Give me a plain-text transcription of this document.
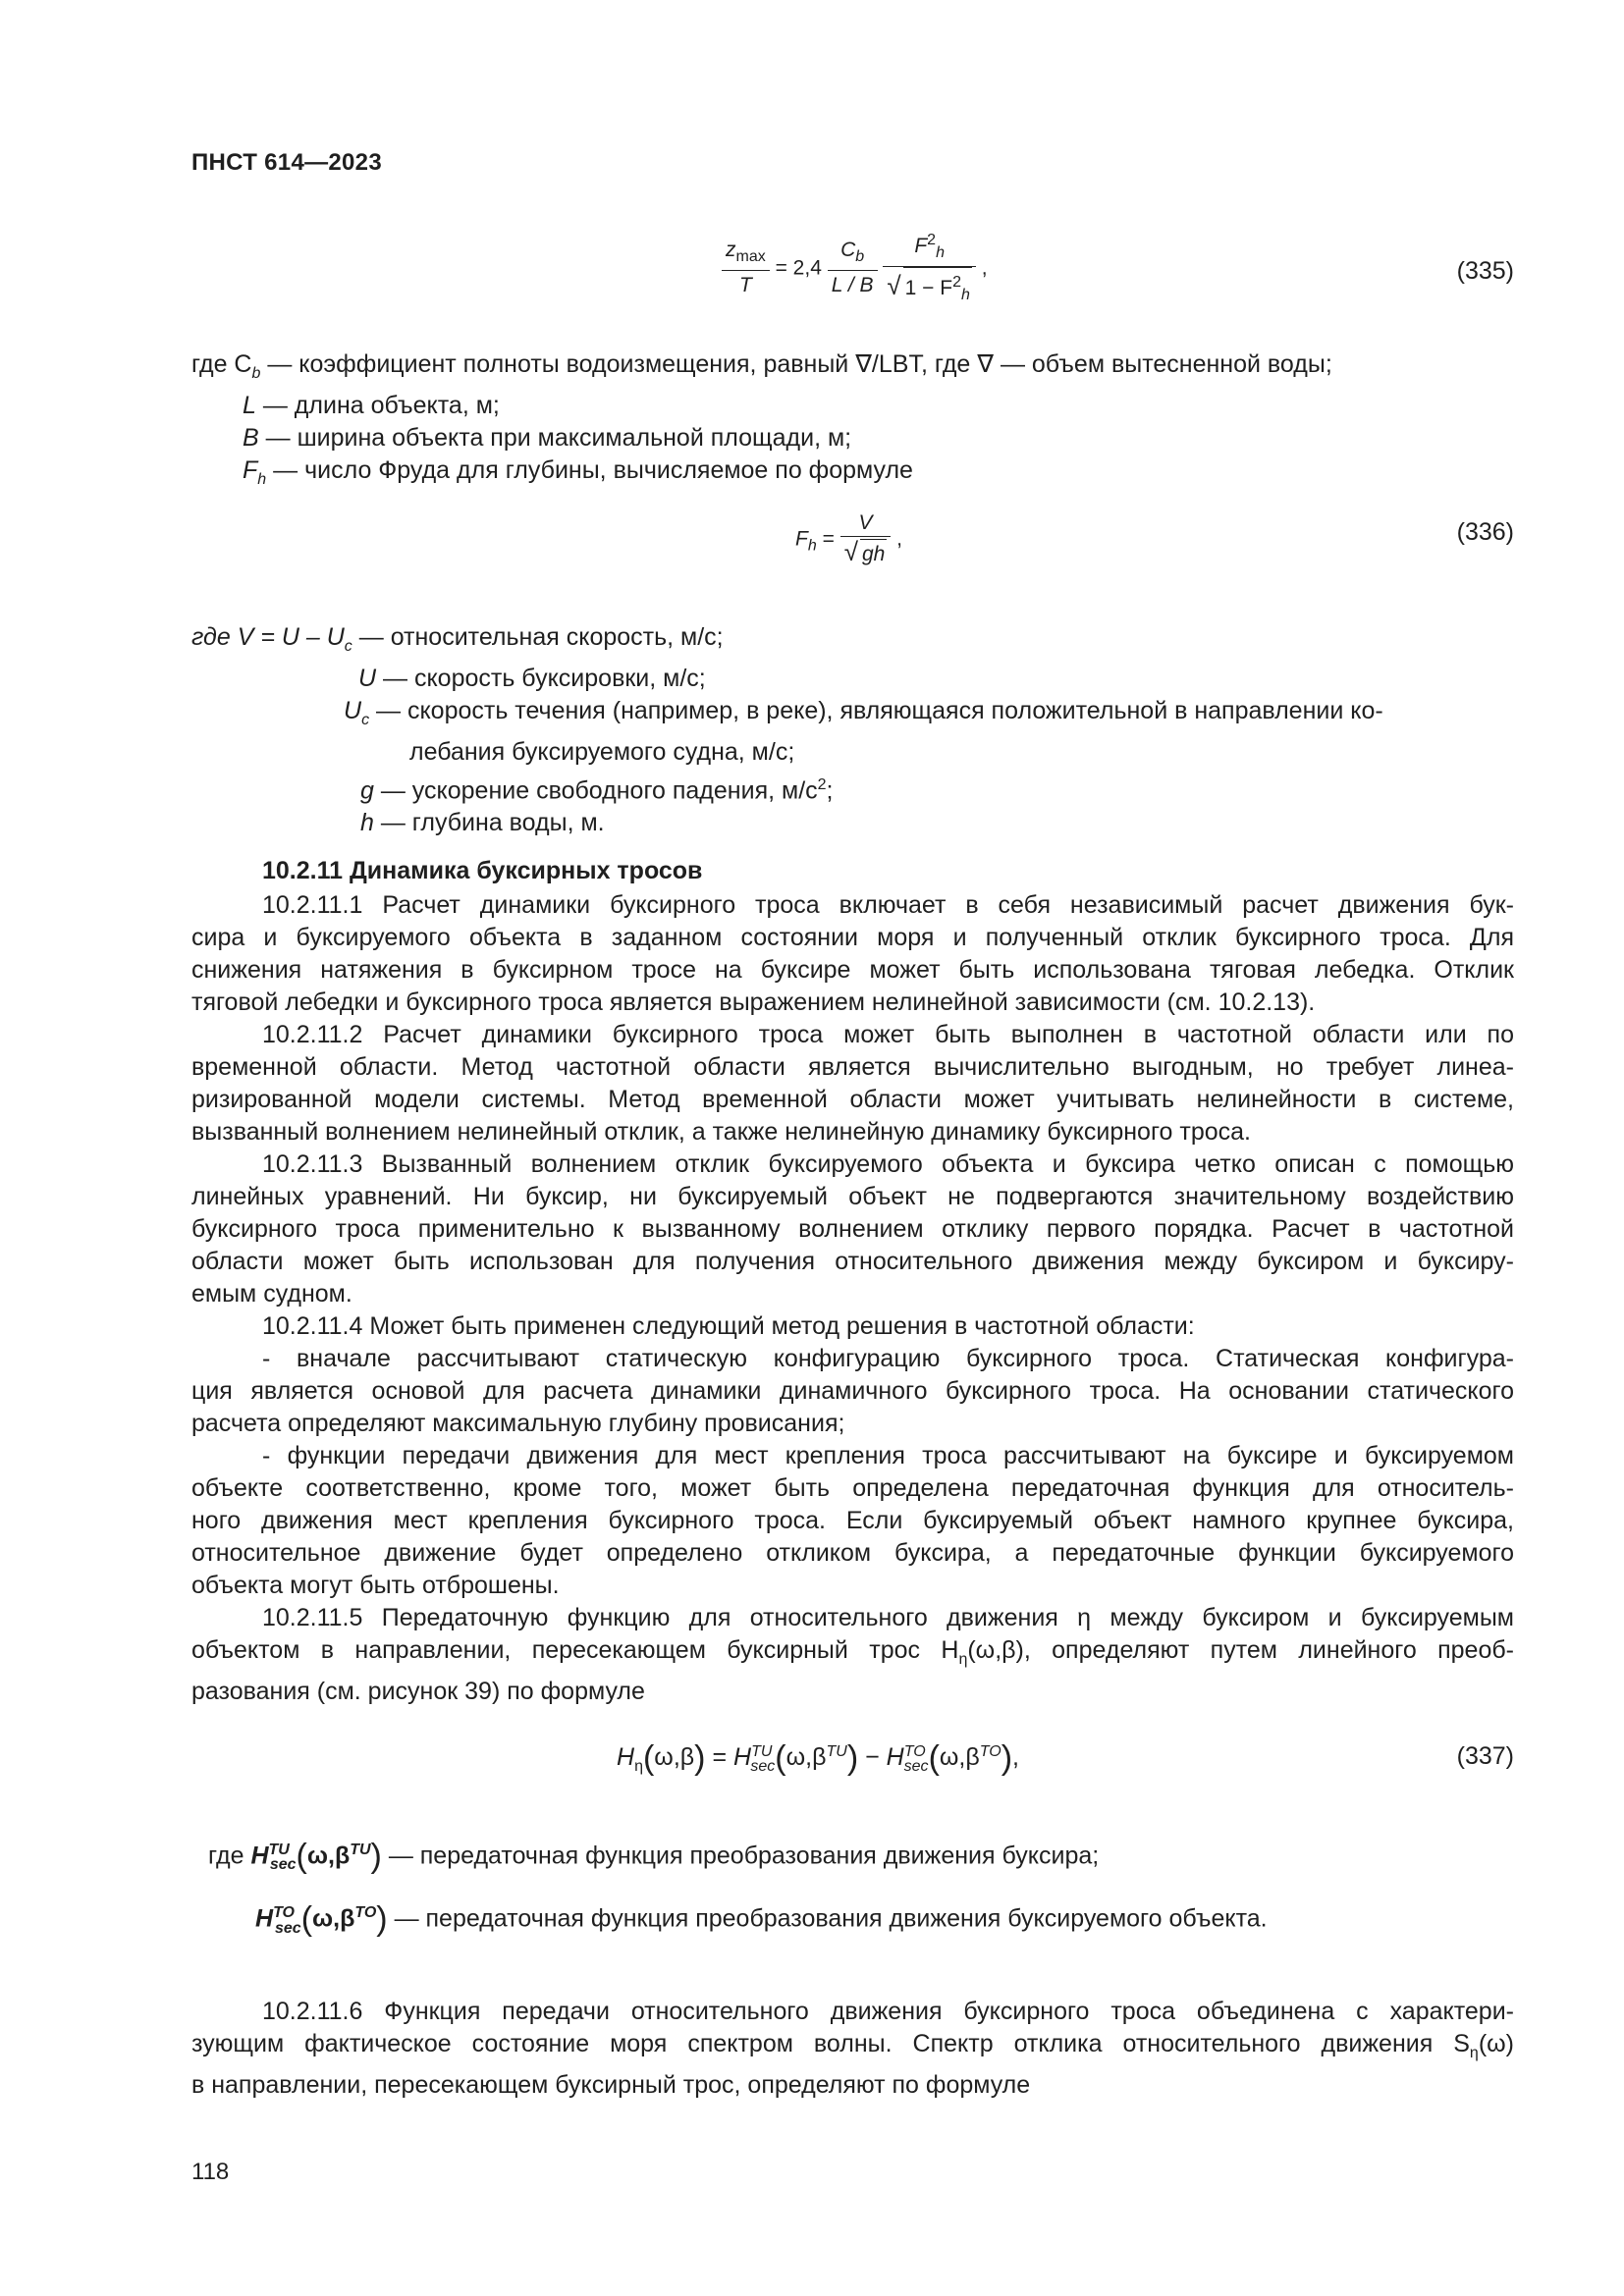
ПНСТ 614—2023
$\frac{z_{max}}{T} = 2,4 \frac{C_b}{L / B}$
$\frac{F^2_h}{√ 1 - F^2_h}$ ,	(335)
где $C_b$ — коэффициент полноты водоизмещения, равный ∇/LBT, где ∇ — объем вытесненной воды;
L — длина объекта, м;
B — ширина объекта при максимальной площади, м;
$F_h$ — число Фруда для глубины, вычисляемое по формуле
$F_h = \frac{V}{√ gh}$ ,	(336)
где $V = U - U_c$ — относительная скорость, м/с;
U — скорость буксировки, м/с;
$U_c$ — скорость течения (например, в реке), являющаяся положительной в направлении ко-
лебания буксируемого судна, м/с;
g — ускорение свободного падения, $м/с^2$;
h — глубина воды, м.
10.2.11 Динамика буксирных тросов
10.2.11.1 Расчет динамики буксирного троса включает в себя независимый расчет движения бук-
сира и буксируемого объекта в заданном состоянии моря и полученный отклик буксирного троса. Для
снижения натяжения в буксирном тросе на буксире может быть использована тяговая лебедка. Отклик
тяговой лебедки и буксирного троса является выражением нелинейной зависимости (см. 10.2.13).
10.2.11.2 Расчет динамики буксирного троса может быть выполнен в частотной области или по
временной области. Метод частотной области является вычислительно выгодным, но требует линеа-
ризированной модели системы. Метод временной области может учитывать нелинейности в системе,
вызванный волнением нелинейный отклик, а также нелинейную динамику буксирного троса.
10.2.11.3 Вызванный волнением отклик буксируемого объекта и буксира четко описан с помощью
линейных уравнений. Ни буксир, ни буксируемый объект не подвергаются значительному воздействию
буксирного троса применительно к вызванному волнением отклику первого порядка. Расчет в частотной
области может быть использован для получения относительного движения между буксиром и буксиру-
емым судном.
10.2.11.4 Может быть применен следующий метод решения в частотной области:
- вначале рассчитывают статическую конфигурацию буксирного троса. Статическая конфигура-
ция является основой для расчета динамики динамичного буксирного троса. На основании статического
расчета определяют максимальную глубину провисания;
- функции передачи движения для мест крепления троса рассчитывают на буксире и буксируемом
объекте соответственно, кроме того, может быть определена передаточная функция для относитель-
ного движения мест крепления буксирного троса. Если буксируемый объект намного крупнее буксира,
относительное движение будет определено откликом буксира, а передаточные функции буксируемого
объекта могут быть отброшены.
10.2.11.5 Передаточную функцию для относительного движения η между буксиром и буксируемым
объектом в направлении, пересекающем буксирный трос $H_\eta(\omega,\beta)$, определяют путем линейного преоб-
разования (см. рисунок 39) по формуле
$H_\eta(\omega,\beta) = H^{TU}_{sec}(\omega,\beta^{TU}) - H^{TO}_{sec}(\omega,\beta^{TO})$,	(337)
где $H^{TU}_{sec}(\omega,\beta^{TU})$ — передаточная функция преобразования движения буксира;
$H^{TO}_{sec}(\omega,\beta^{TO})$ — передаточная функция преобразования движения буксируемого объекта.
10.2.11.6 Функция передачи относительного движения буксирного троса объединена с характери-
зующим фактическое состояние моря спектром волны. Спектр отклика относительного движения $S_\eta(\omega)$
в направлении, пересекающем буксирный трос, определяют по формуле
118
